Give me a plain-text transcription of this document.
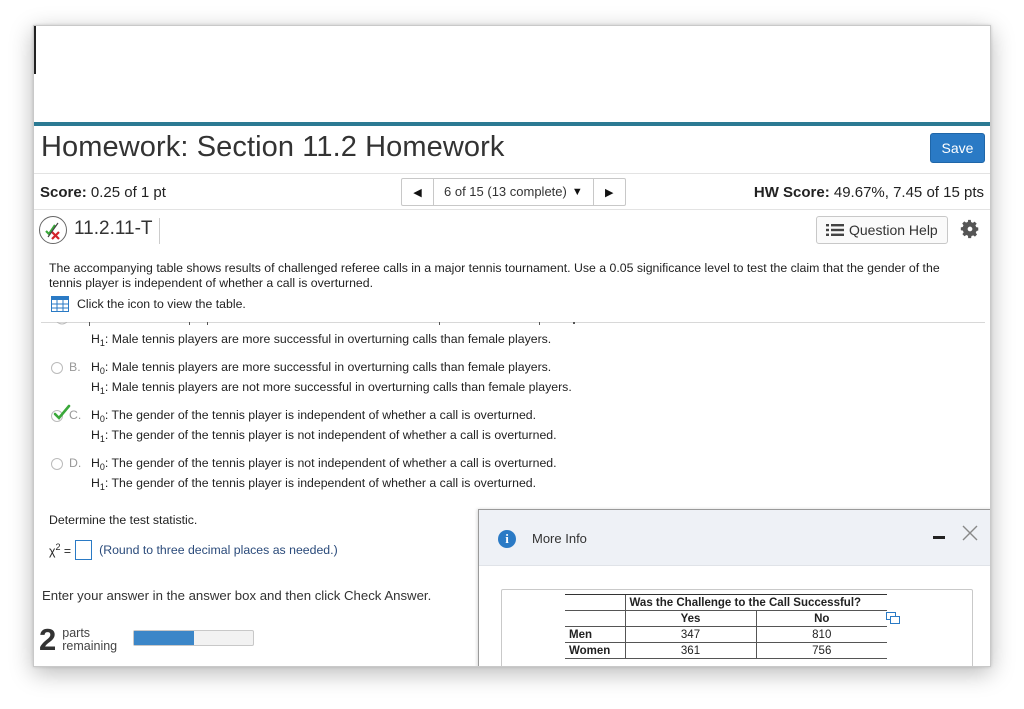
Homework: Section 11.2 Homework	Save
Score: 0.25 of 1 pt	◀	6 of 15 (13 complete) ▼	▶	HW Score: 49.67%, 7.45 of 15 pts
11.2.11-T	Question Help
The accompanying table shows results of challenged referee calls in a major tennis tournament. Use a 0.05 significance level to test the claim that the gender of the tennis player is independent of whether a call is overturned.
Click the icon to view the table.
$H_1$: Male tennis players are more successful in overturning calls than female players.
B. $H_0$: Male tennis players are more successful in overturning calls than female players.
$H_1$: Male tennis players are not more successful in overturning calls than female players.
C. $H_0$: The gender of the tennis player is independent of whether a call is overturned.
$H_1$: The gender of the tennis player is not independent of whether a call is overturned.
D. $H_0$: The gender of the tennis player is not independent of whether a call is overturned.
$H_1$: The gender of the tennis player is independent of whether a call is overturned.
Determine the test statistic.
$\chi^2$ = (Round to three decimal places as needed.)
Enter your answer in the answer box and then click Check Answer.
2 parts
remaining
i	More Info
	Was the Challenge to the Call Successful?	
	Yes	No
Men	347	810
Women	361	756
